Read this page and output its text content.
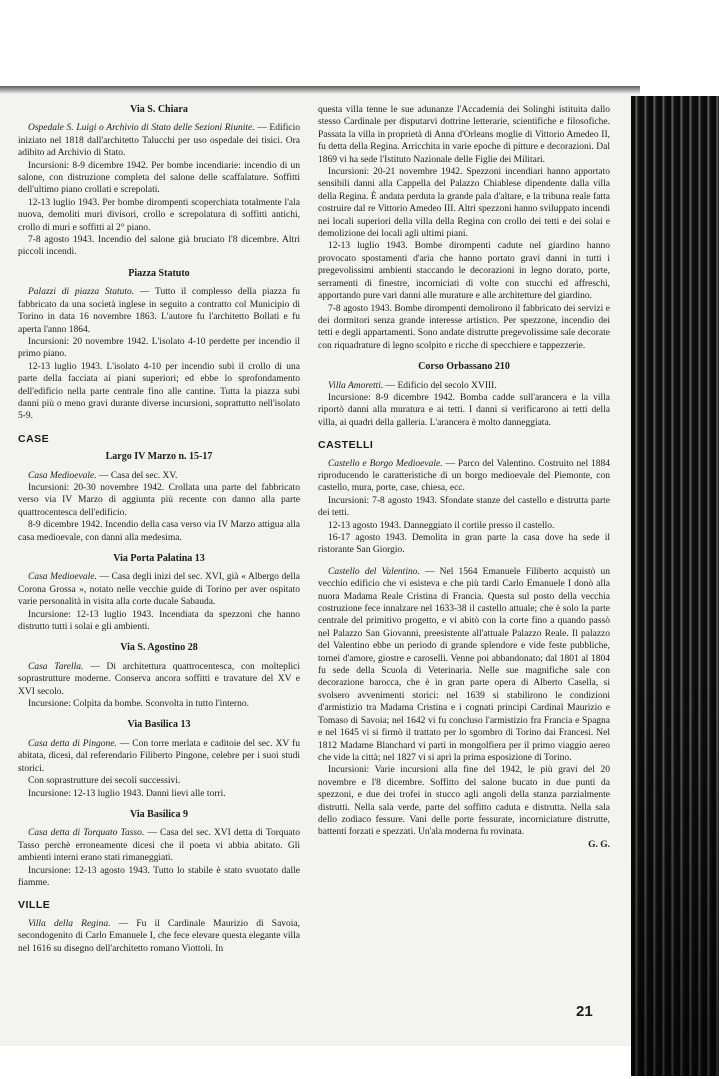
Via S. Chiara

Ospedale S. Luigi o Archivio di Stato delle Sezioni Riunite. — Edificio iniziato nel 1818 dall'architetto Talucchi per uso ospedale dei tisici. Ora adibito ad Archivio di Stato.

Incursioni: 8-9 dicembre 1942. Per bombe incendiarie: incendio di un salone, con distruzione completa del salone delle scaffalature. Soffitti dell'ultimo piano crollati e screpolati.

12-13 luglio 1943. Per bombe dirompenti scoperchiata totalmente l'ala nuova, demoliti muri divisori, crollo e screpolatura di soffitti antichi, crollo di muri e soffitti al 2° piano.

7-8 agosto 1943. Incendio del salone già bruciato l'8 dicembre. Altri piccoli incendi.

Piazza Statuto

Palazzi di piazza Statuto. — Tutto il complesso della piazza fu fabbricato da una società inglese in seguito a contratto col Municipio di Torino in data 16 novembre 1863. L'autore fu l'architetto Bollati e fu aperta l'anno 1864.

Incursioni: 20 novembre 1942. L'isolato 4-10 perdette per incendio il primo piano.

12-13 luglio 1943. L'isolato 4-10 per incendio subì il crollo di una parte della facciata ai piani superiori; ed ebbe lo sprofondamento dell'edificio nella parte centrale fino alle cantine. Tutta la piazza subì danni più o meno gravi durante diverse incursioni, soprattutto nell'isolato 5-9.

CASE
Largo IV Marzo n. 15-17

Casa Medioevale. — Casa del sec. XV.

Incursioni: 20-30 novembre 1942. Crollata una parte del fabbricato verso via IV Marzo di aggiunta più recente con danno alla parte quattrocentesca dell'edificio.

8-9 dicembre 1942. Incendio della casa verso via IV Marzo attigua alla casa medioevale, con danni alla medesima.

Via Porta Palatina 13

Casa Medioevale. — Casa degli inizi del sec. XVI, già « Albergo della Corona Grossa », notato nelle vecchie guide di Torino per aver ospitato varie personalità in visita alla corte ducale Sabauda.

Incursione: 12-13 luglio 1943. Incendiata da spezzoni che hanno distrutto tutti i solai e gli ambienti.

Via S. Agostino 28

Casa Tarella. — Di architettura quattrocentesca, con molteplici soprastrutture moderne. Conserva ancora soffitti e travature del XV e XVI secolo.

Incursione: Colpita da bombe. Sconvolta in tutto l'interno.

Via Basilica 13

Casa detta di Pingone. — Con torre merlata e caditoie del sec. XV fu abitata, dicesi, dal referendario Filiberto Pingone, celebre per i suoi studi storici.

Con soprastrutture dei secoli successivi.

Incursione: 12-13 luglio 1943. Danni lievi alle torri.

Via Basilica 9

Casa detta di Torquato Tasso. — Casa del sec. XVI detta di Torquato Tasso perchè erroneamente dicesi che il poeta vi abbia abitato. Gli ambienti interni erano stati rimaneggiati.

Incursione: 12-13 agosto 1943. Tutto lo stabile è stato svuotato dalle fiamme.

VILLE

Villa della Regina. — Fu il Cardinale Maurizio di Savoia, secondogenito di Carlo Emanuele I, che fece elevare questa elegante villa nel 1616 su disegno dell'architetto romano Viottoli. In

questa villa tenne le sue adunanze l'Accademia dei Solinghi istituita dallo stesso Cardinale per disputarvi dottrine letterarie, scientifiche e filosofiche. Passata la villa in proprietà di Anna d'Orleans moglie di Vittorio Amedeo II, fu detta della Regina. Arricchita in varie epoche di pitture e decorazioni. Dal 1869 vi ha sede l'Istituto Nazionale delle Figlie dei Militari.

Incursioni: 20-21 novembre 1942. Spezzoni incendiari hanno apportato sensibili danni alla Cappella del Palazzo Chiablese dipendente dalla villa della Regina. È andata perduta la grande pala d'altare, e la tribuna reale fatta costruire dal re Vittorio Amedeo III. Altri spezzoni hanno sviluppato incendi nei locali superiori della villa della Regina con crollo dei tetti e dei solai e demolizione dei locali agli ultimi piani.

12-13 luglio 1943. Bombe dirompenti cadute nel giardino hanno provocato spostamenti d'aria che hanno portato gravi danni in tutti i pregevolissimi ambienti staccando le decorazioni in legno dorato, porte, serramenti di finestre, incorniciati di volte con stucchi ed affreschi, apportando pure vari danni alle murature e alle architetture del giardino.

7-8 agosto 1943. Bombe dirompenti demolirono il fabbricato dei servizi e dei dormitori senza grande interesse artistico. Per spezzone, incendio dei tetti e degli appartamenti. Sono andate distrutte pregevolissime sale decorate con riquadrature di legno scolpito e ricche di specchiere e tappezzerie.

Corso Orbassano 210

Villa Amoretti. — Edificio del secolo XVIII.

Incursione: 8-9 dicembre 1942. Bomba cadde sull'arancera e la villa riportò danni alla muratura e ai tetti. I danni si verificarono ai tetti della villa, ai quadri della galleria. L'arancera è molto danneggiata.

CASTELLI

Castello e Borgo Medioevale. — Parco del Valentino. Costruito nel 1884 riproducendo le caratteristiche di un borgo medioevale del Piemonte, con castello, mura, porte, case, chiesa, ecc.

Incursioni: 7-8 agosto 1943. Sfondate stanze del castello e distrutta parte dei tetti.

12-13 agosto 1943. Danneggiato il cortile presso il castello.

16-17 agosto 1943. Demolita in gran parte la casa dove ha sede il ristorante San Giorgio.

Castello del Valentino. — Nel 1564 Emanuele Filiberto acquistò un vecchio edificio che vi esisteva e che più tardi Carlo Emanuele I donò alla nuora Madama Reale Cristina di Francia. Questa sul posto della vecchia costruzione fece innalzare nel 1633-38 il castello attuale; che è solo la parte centrale del primitivo progetto, e vi abitò con la corte fino a quando passò nel Palazzo San Giovanni, preesistente all'attuale Palazzo Reale. Il palazzo del Valentino ebbe un periodo di grande splendore e vide feste pubbliche, tornei d'amore, giostre e caroselli. Venne poi abbandonato; dal 1801 al 1804 fu sede della Scuola di Veterinaria. Nelle sue magnifiche sale con decorazione barocca, che è in gran parte opera di Alberto Casella, si svolsero avvenimenti storici: nel 1639 si stabilirono le condizioni d'armistizio tra Madama Cristina e i cognati principi Cardinal Maurizio e Tomaso di Savoia; nel 1642 vi fu concluso l'armistizio fra Francia e Spagna e nel 1645 vi si firmò il trattato per lo sgombro di Torino dai Francesi. Nel 1812 Madame Blanchard vi partì in mongolfiera per il primo viaggio aereo che vide la città; nel 1827 vi si aprì la prima esposizione di Torino.

Incursioni: Varie incursioni alla fine del 1942, le più gravi del 20 novembre e l'8 dicembre. Soffitto del salone bucato in due punti da spezzoni, e due dei trofei in stucco agli angoli della stanza parzialmente distrutti. Nella sala verde, parte del soffitto caduta e distrutta. Nella sala dello zodiaco fessure. Vani delle porte fessurate, incorniciature distrutte, battenti forzati e spezzati. Un'ala moderna fu rovinata.

G. G.

21
